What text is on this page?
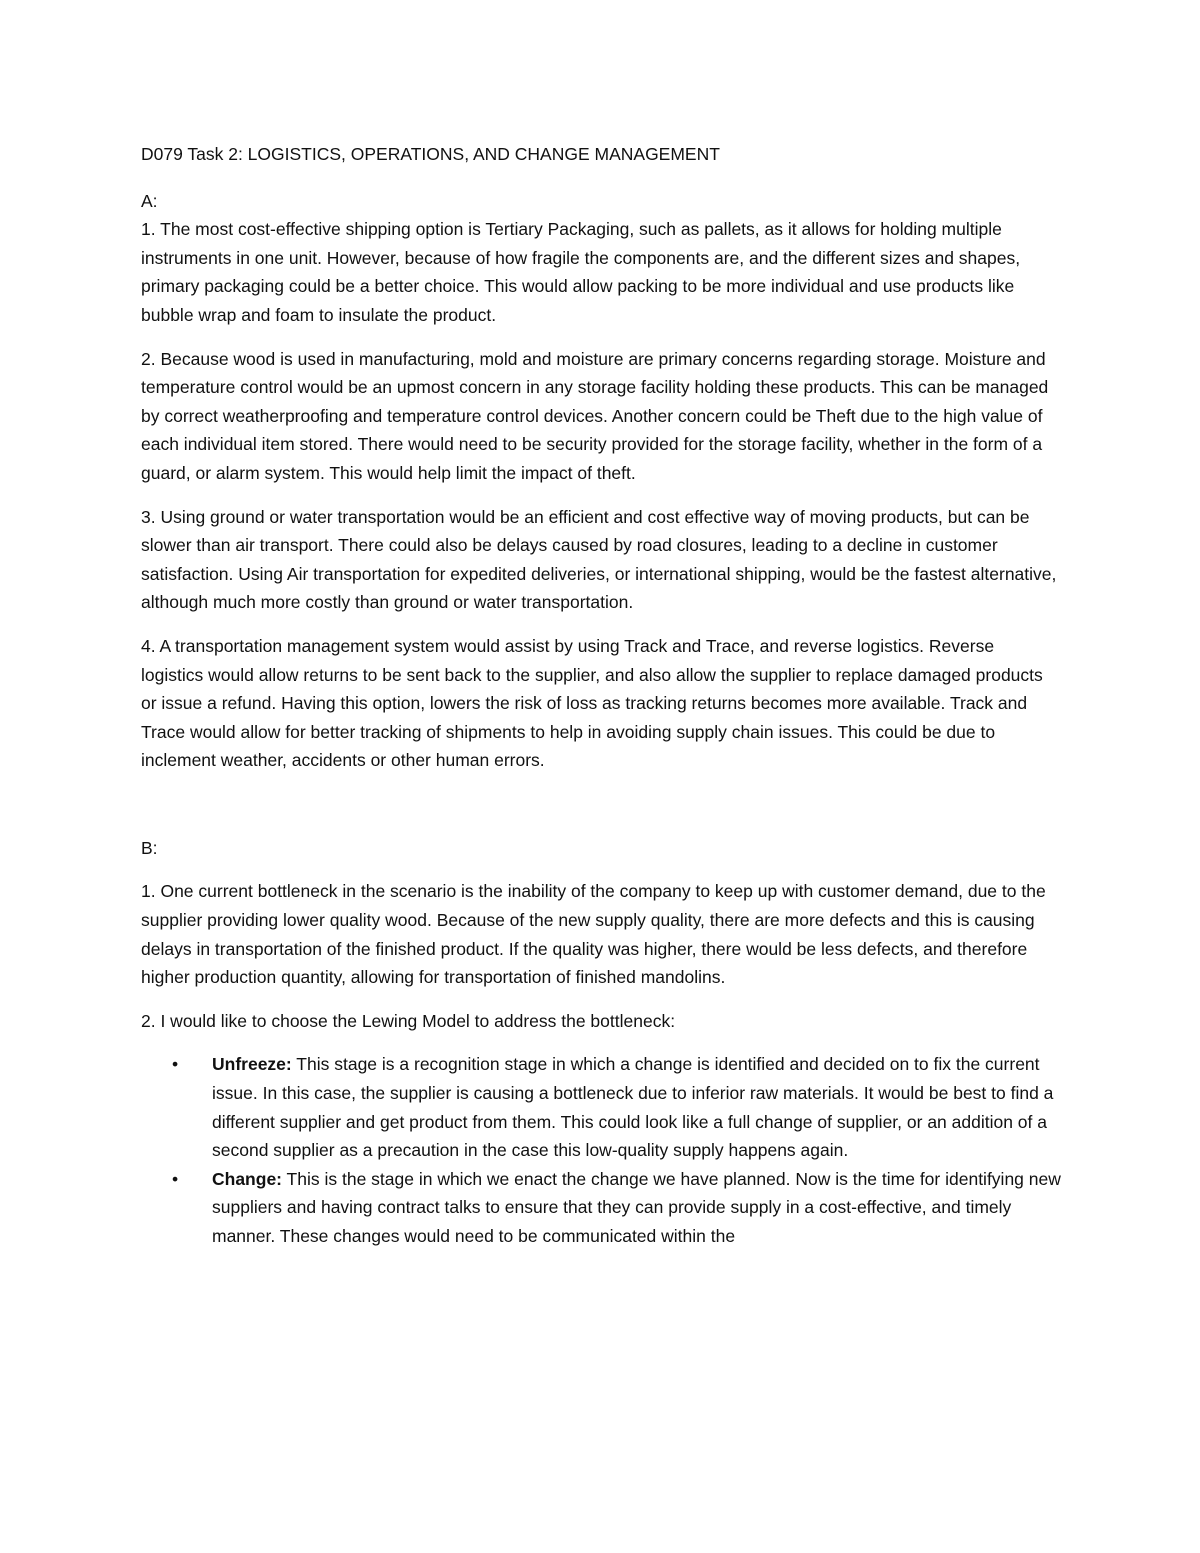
D079 Task 2: LOGISTICS, OPERATIONS, AND CHANGE MANAGEMENT

A:

1. The most cost-effective shipping option is Tertiary Packaging, such as pallets, as it allows for holding multiple instruments in one unit. However, because of how fragile the components are, and the different sizes and shapes, primary packaging could be a better choice. This would allow packing to be more individual and use products like bubble wrap and foam to insulate the product.

2. Because wood is used in manufacturing, mold and moisture are primary concerns regarding storage. Moisture and temperature control would be an upmost concern in any storage facility holding these products. This can be managed by correct weatherproofing and temperature control devices. Another concern could be Theft due to the high value of each individual item stored. There would need to be security provided for the storage facility, whether in the form of a guard, or alarm system. This would help limit the impact of theft.

3. Using ground or water transportation would be an efficient and cost effective way of moving products, but can be slower than air transport. There could also be delays caused by road closures, leading to a decline in customer satisfaction. Using Air transportation for expedited deliveries, or international shipping, would be the fastest alternative, although much more costly than ground or water transportation.

4. A transportation management system would assist by using Track and Trace, and reverse logistics. Reverse logistics would allow returns to be sent back to the supplier, and also allow the supplier to replace damaged products or issue a refund. Having this option, lowers the risk of loss as tracking returns becomes more available. Track and Trace would allow for better tracking of shipments to help in avoiding supply chain issues. This could be due to inclement weather, accidents or other human errors.

B:

1. One current bottleneck in the scenario is the inability of the company to keep up with customer demand, due to the supplier providing lower quality wood. Because of the new supply quality, there are more defects and this is causing delays in transportation of the finished product. If the quality was higher, there would be less defects, and therefore higher production quantity, allowing for transportation of finished mandolins.

2. I would like to choose the Lewing Model to address the bottleneck:

• Unfreeze: This stage is a recognition stage in which a change is identified and decided on to fix the current issue. In this case, the supplier is causing a bottleneck due to inferior raw materials. It would be best to find a different supplier and get product from them. This could look like a full change of supplier, or an addition of a second supplier as a precaution in the case this low-quality supply happens again.
• Change: This is the stage in which we enact the change we have planned. Now is the time for identifying new suppliers and having contract talks to ensure that they can provide supply in a cost-effective, and timely manner. These changes would need to be communicated within the
